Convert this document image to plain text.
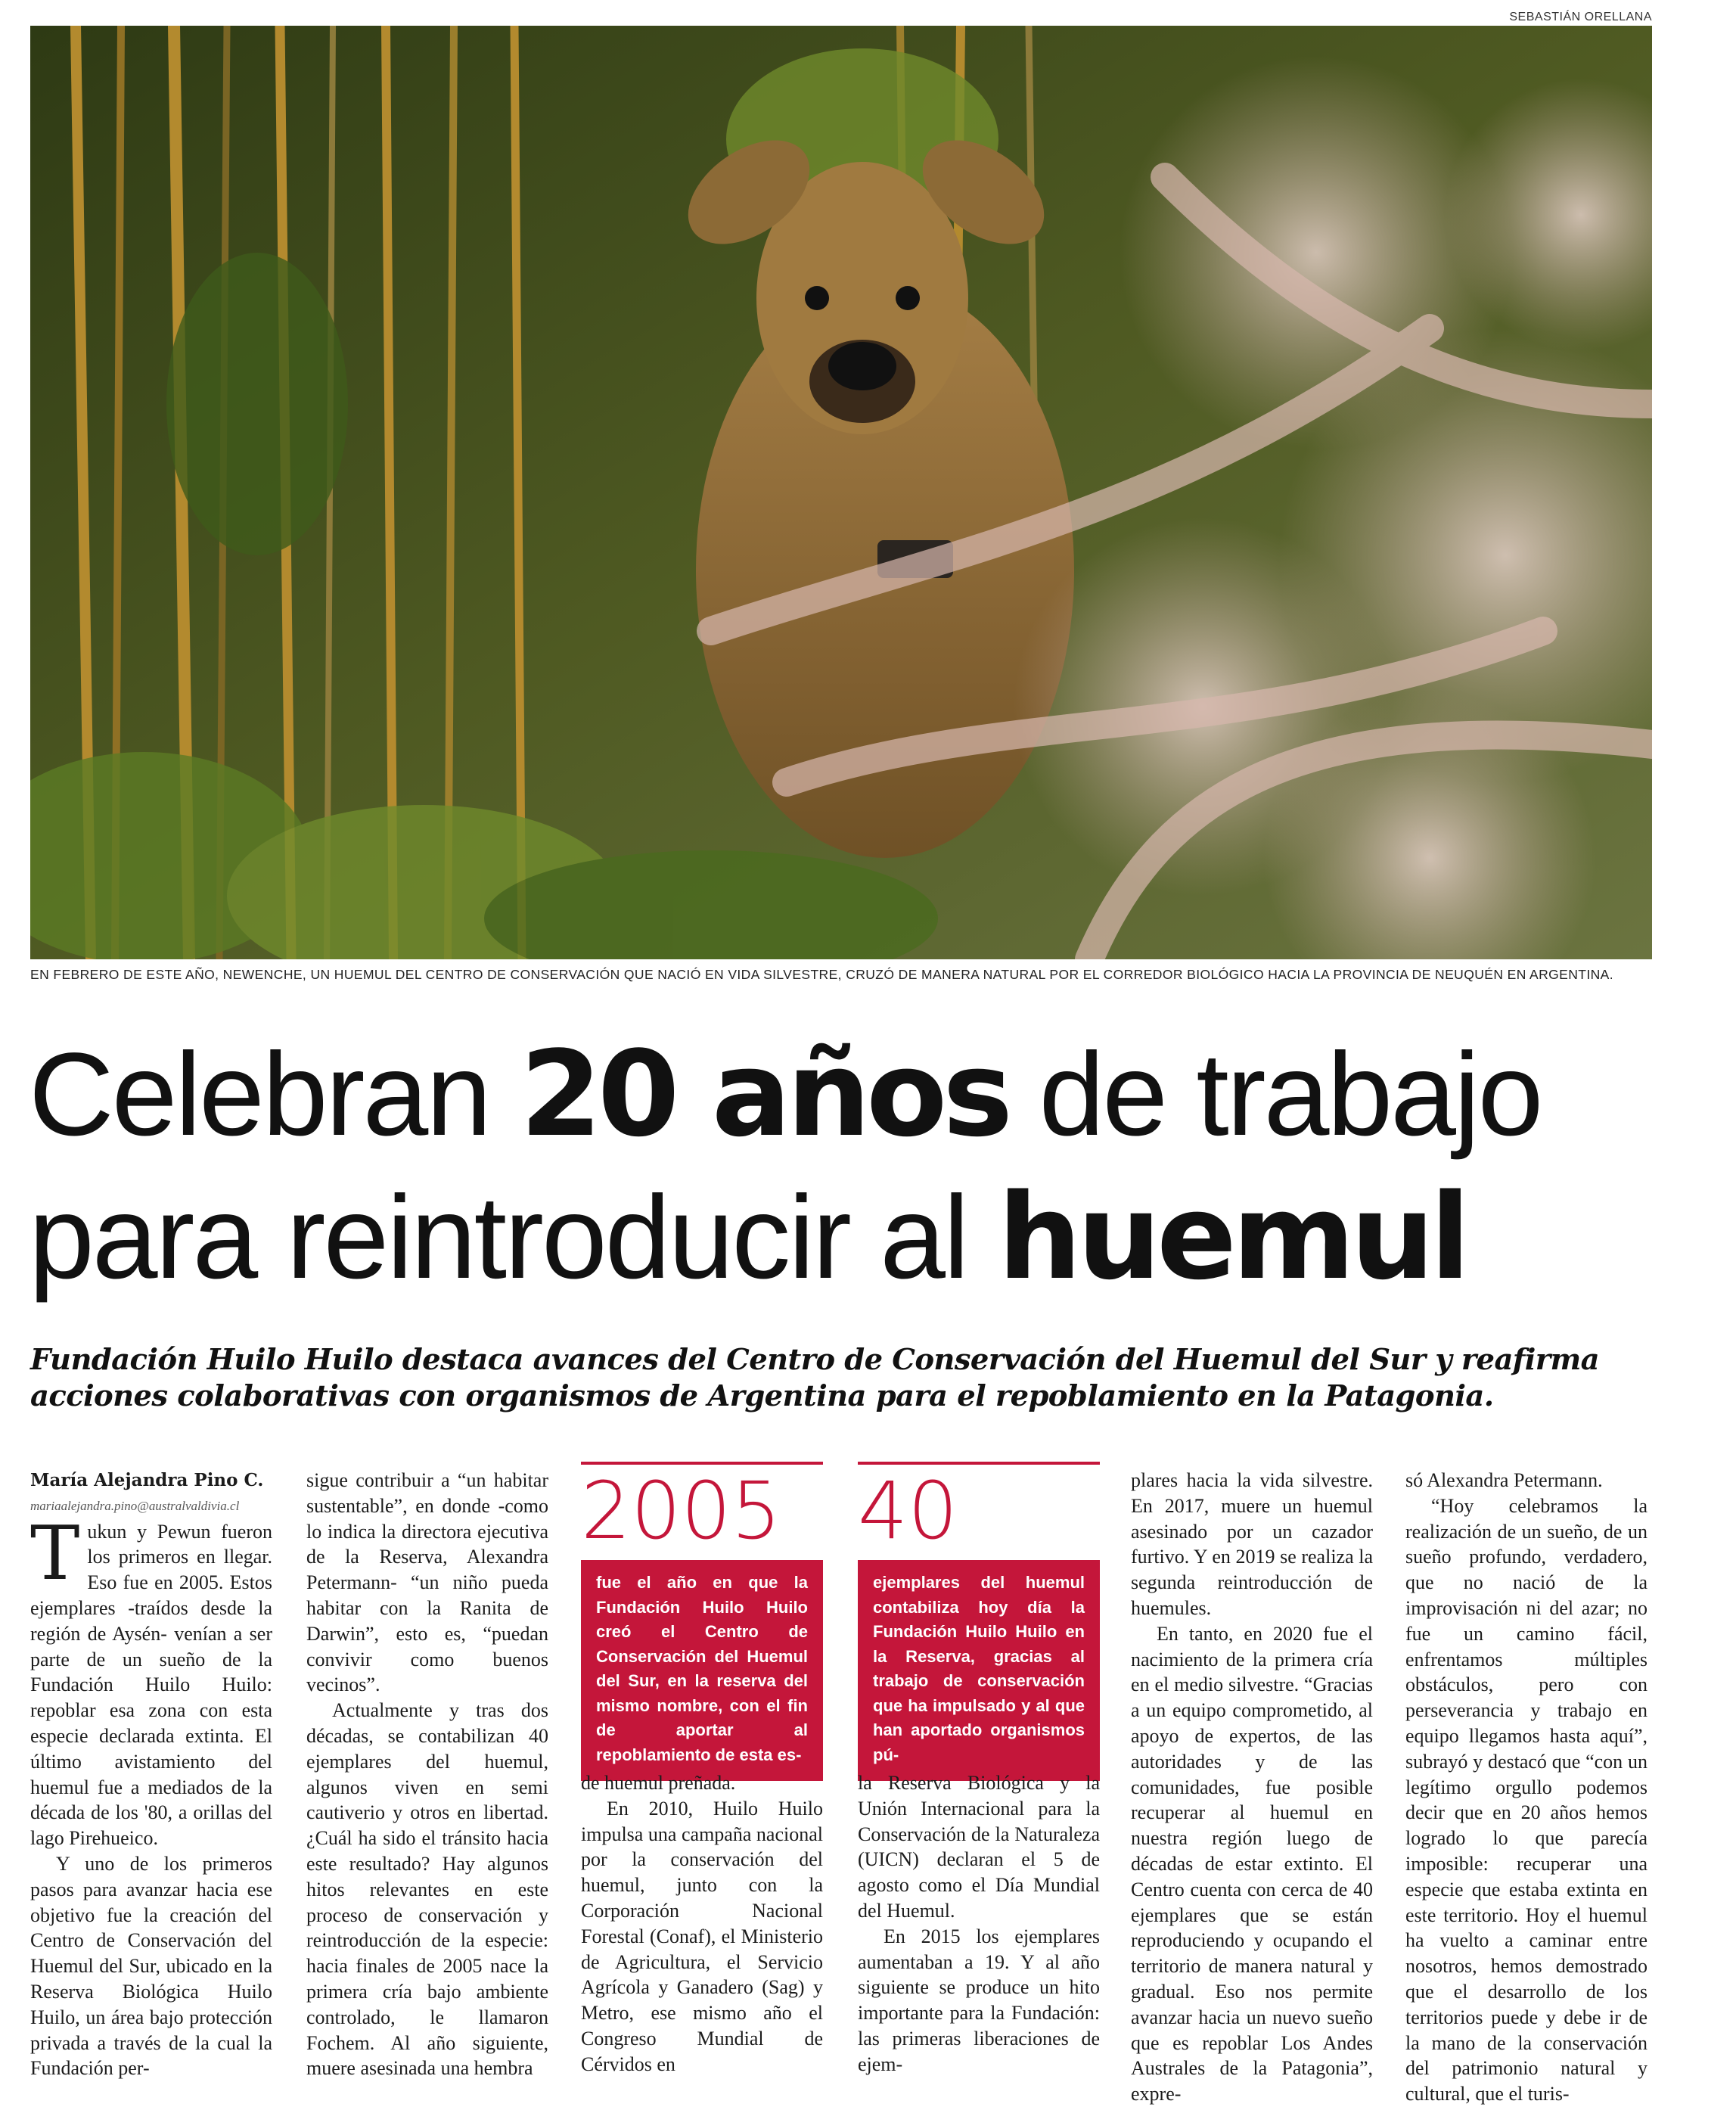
SEBASTIÁN ORELLANA
EN FEBRERO DE ESTE AÑO, NEWENCHE, UN HUEMUL DEL CENTRO DE CONSERVACIÓN QUE NACIÓ EN VIDA SILVESTRE, CRUZÓ DE MANERA NATURAL POR EL CORREDOR BIOLÓGICO HACIA LA PROVINCIA DE NEUQUÉN EN ARGENTINA.
Celebran 20 años de trabajo
para reintroducir al huemul
Fundación Huilo Huilo destaca avances del Centro de Conservación del Huemul del Sur y reafirma acciones colaborativas con organismos de Argentina para el repoblamiento en la Patagonia.

María Alejandra Pino C.

mariaalejandra.pino@australvaldivia.cl

Tukun y Pewun fueron los primeros en llegar. Eso fue en 2005. Estos ejemplares -traídos desde la región de Aysén- venían a ser parte de un sueño de la Fundación Huilo Huilo: repoblar esa zona con esta especie declarada extinta. El último avistamiento del huemul fue a mediados de la década de los '80, a orillas del lago Pirehueico.

Y uno de los primeros pasos para avanzar hacia ese objetivo fue la creación del Centro de Conservación del Huemul del Sur, ubicado en la Reserva Biológica Huilo Huilo, un área bajo protección privada a través de la cual la Fundación per-

sigue contribuir a “un habitar sustentable”, en donde -como lo indica la directora ejecutiva de la Reserva, Alexandra Petermann- “un niño pueda habitar con la Ranita de Darwin”, esto es, “puedan convivir como buenos vecinos”.

Actualmente y tras dos décadas, se contabilizan 40 ejemplares del huemul, algunos viven en semi cautiverio y otros en libertad. ¿Cuál ha sido el tránsito hacia este resultado? Hay algunos hitos relevantes en este proceso de conservación y reintroducción de la especie: hacia finales de 2005 nace la primera cría bajo ambiente controlado, le llamaron Fochem. Al año siguiente, muere asesinada una hembra

2005
fue el año en que la Fundación Huilo Huilo creó el Centro de Conservación del Huemul del Sur, en la reserva del mismo nombre, con el fin de aportar al repoblamiento de esta es-

de huemul preñada.

En 2010, Huilo Huilo impulsa una campaña nacional por la conservación del huemul, junto con la Corporación Nacional Forestal (Conaf), el Ministerio de Agricultura, el Servicio Agrícola y Ganadero (Sag) y Metro, ese mismo año el Congreso Mundial de Cérvidos en

40
ejemplares del huemul contabiliza hoy día la Fundación Huilo Huilo en la Reserva, gracias al trabajo de conservación que ha impulsado y al que han aportado organismos pú-

la Reserva Biológica y la Unión Internacional para la Conservación de la Naturaleza (UICN) declaran el 5 de agosto como el Día Mundial del Huemul.

En 2015 los ejemplares aumentaban a 19. Y al año siguiente se produce un hito importante para la Fundación: las primeras liberaciones de ejem-

plares hacia la vida silvestre. En 2017, muere un huemul asesinado por un cazador furtivo. Y en 2019 se realiza la segunda reintroducción de huemules.

En tanto, en 2020 fue el nacimiento de la primera cría en el medio silvestre. “Gracias a un equipo comprometido, al apoyo de expertos, de las autoridades y de las comunidades, fue posible recuperar al huemul en nuestra región luego de décadas de estar extinto. El Centro cuenta con cerca de 40 ejemplares que se están reproduciendo y ocupando el territorio de manera natural y gradual. Eso nos permite avanzar hacia un nuevo sueño que es repoblar Los Andes Australes de la Patagonia”, expre-

só Alexandra Petermann.

“Hoy celebramos la realización de un sueño, de un sueño profundo, verdadero, que no nació de la improvisación ni del azar; no fue un camino fácil, enfrentamos múltiples obstáculos, pero con perseverancia y trabajo en equipo llegamos hasta aquí”, subrayó y destacó que “con un legítimo orgullo podemos decir que en 20 años hemos logrado lo que parecía imposible: recuperar una especie que estaba extinta en este territorio. Hoy el huemul ha vuelto a caminar entre nosotros, hemos demostrado que el desarrollo de los territorios puede y debe ir de la mano de la conservación del patrimonio natural y cultural, que el turis-
